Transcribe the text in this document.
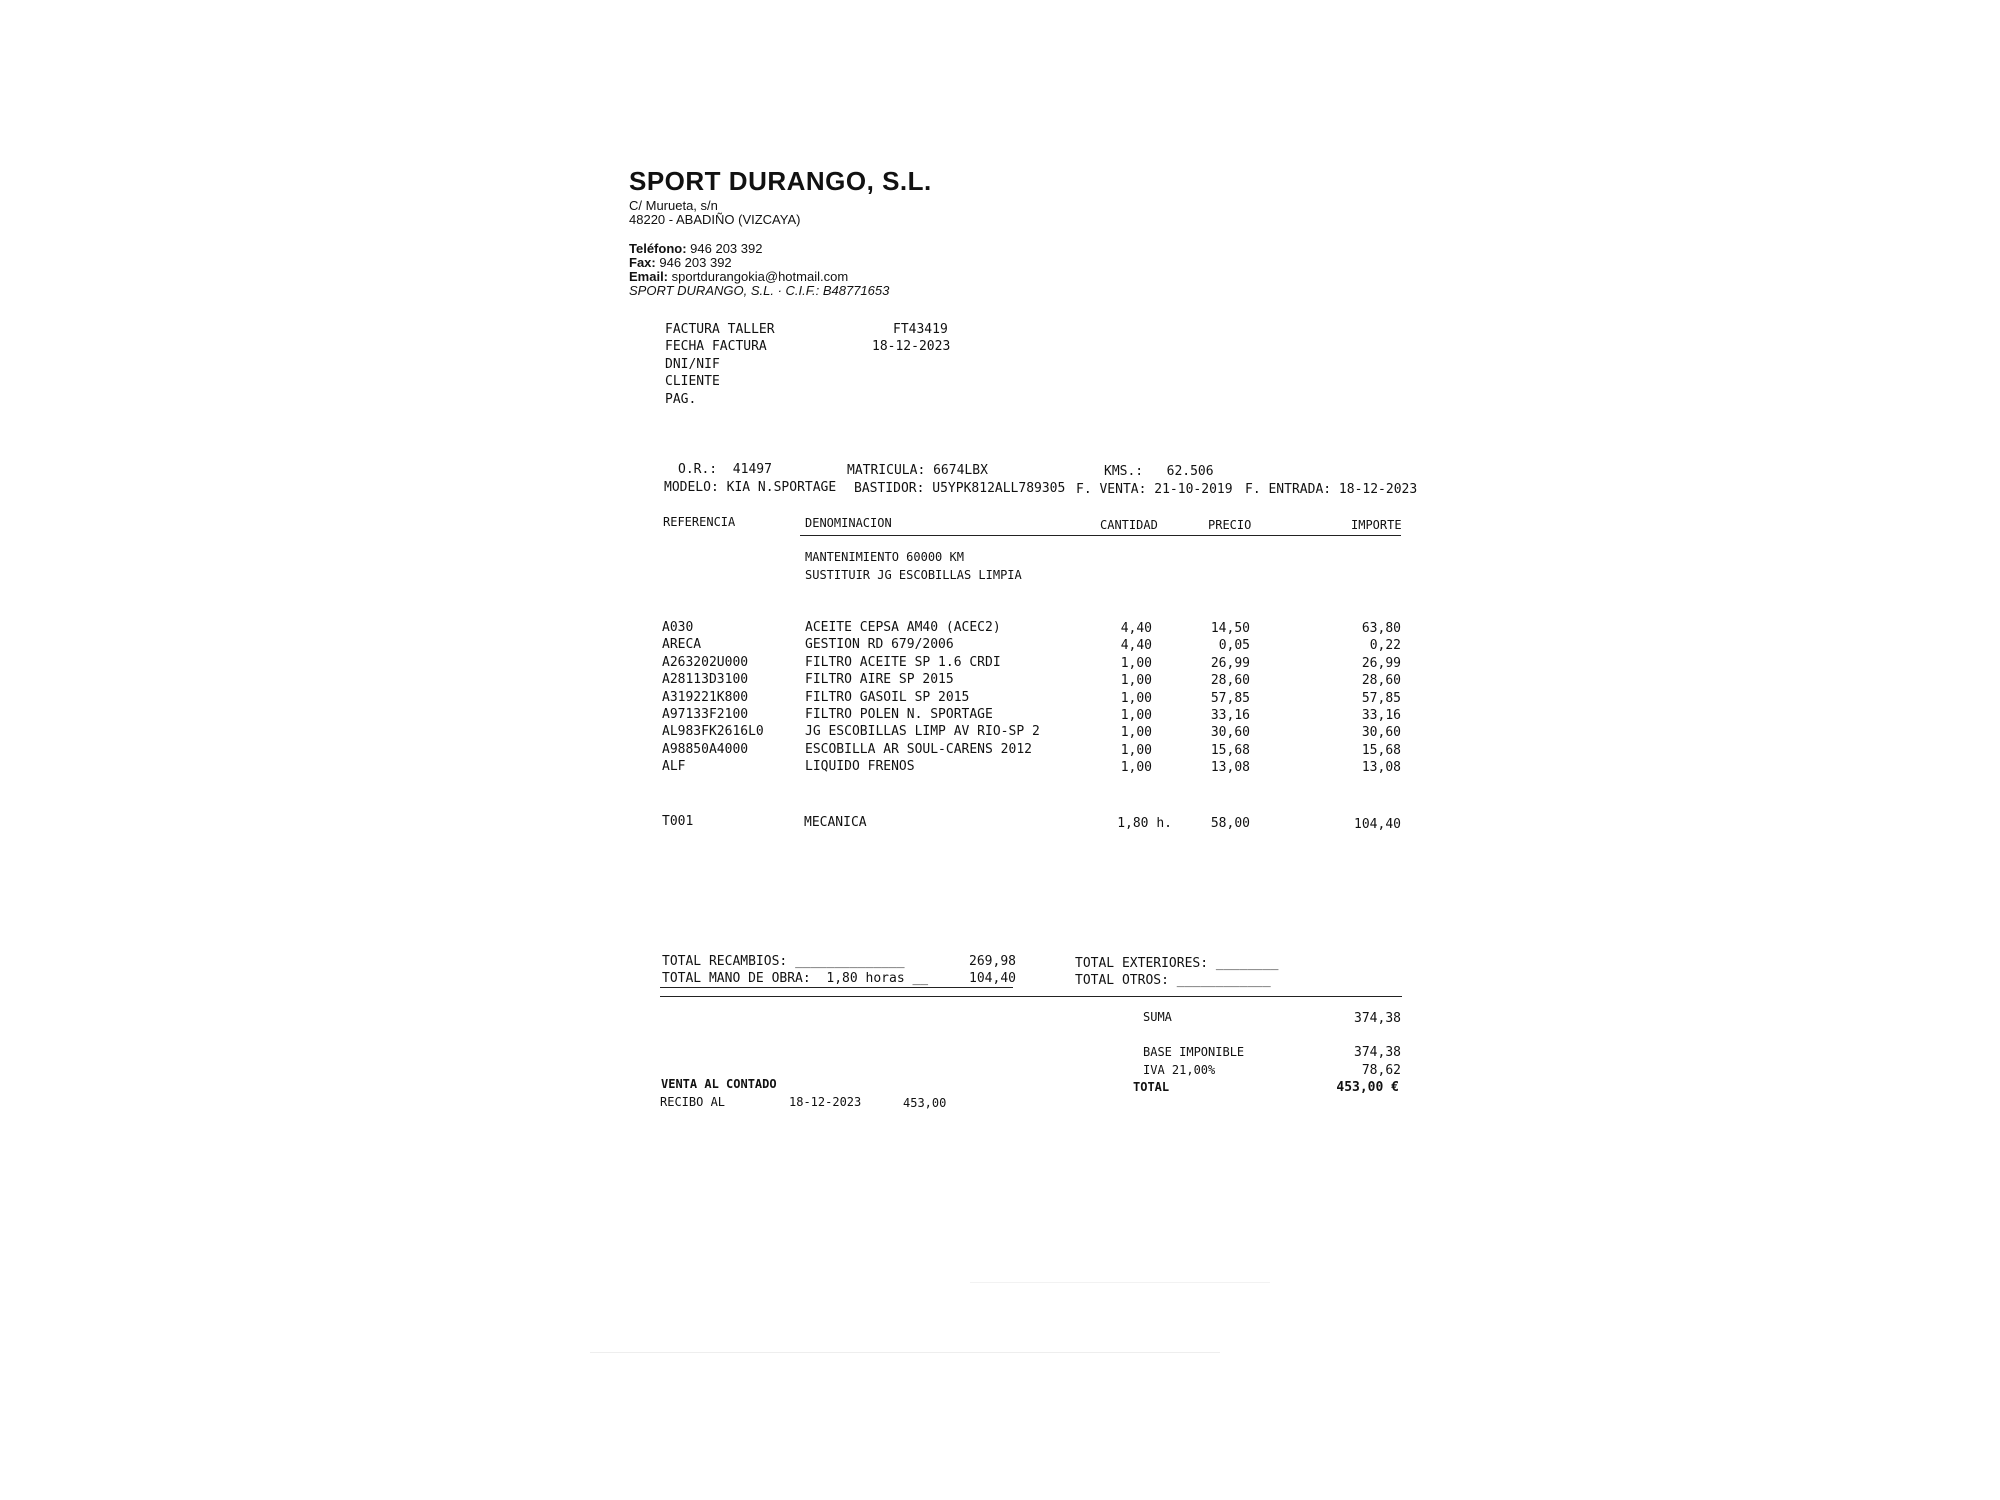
SPORT DURANGO, S.L.
C/ Murueta, s/n
48220 - ABADIÑO (VIZCAYA)
Teléfono: 946 203 392
Fax: 946 203 392
Email: sportdurangokia@hotmail.com
SPORT DURANGO, S.L. · C.I.F.: B48771653
FACTURA TALLER	FT43419
FECHA FACTURA	18-12-2023
DNI/NIF
CLIENTE
PAG.
O.R.: 41497	MATRICULA: 6674LBX	KMS.: 62.506
MODELO: KIA N.SPORTAGE BASTIDOR: U5YPK812ALL789305 F. VENTA: 21-10-2019 F. ENTRADA: 18-12-2023
REFERENCIA	DENOMINACION	CANTIDAD	PRECIO	IMPORTE
MANTENIMIENTO 60000 KM
SUSTITUIR JG ESCOBILLAS LIMPIA
A030	ACEITE CEPSA AM40 (ACEC2)	4,40	14,50	63,80
ARECA	GESTION RD 679/2006	4,40	0,05	0,22
A263202U000	FILTRO ACEITE SP 1.6 CRDI	1,00	26,99	26,99
A28113D3100	FILTRO AIRE SP 2015	1,00	28,60	28,60
A319221K800	FILTRO GASOIL SP 2015	1,00	57,85	57,85
A97133F2100	FILTRO POLEN N. SPORTAGE	1,00	33,16	33,16
AL983FK2616L0	JG ESCOBILLAS LIMP AV RIO-SP 2	1,00	30,60	30,60
A98850A4000	ESCOBILLA AR SOUL-CARENS 2012	1,00	15,68	15,68
ALF	LIQUIDO FRENOS	1,00	13,08	13,08
T001	MECANICA	1,80 h.	58,00	104,40
TOTAL RECAMBIOS: ______________	269,98
TOTAL MANO DE OBRA: 1,80 horas __	104,40
TOTAL EXTERIORES: ________
TOTAL OTROS: ____________
SUMA	374,38
BASE IMPONIBLE	374,38
IVA 21,00%	78,62
TOTAL	453,00 €
VENTA AL CONTADO
RECIBO AL	18-12-2023	453,00
